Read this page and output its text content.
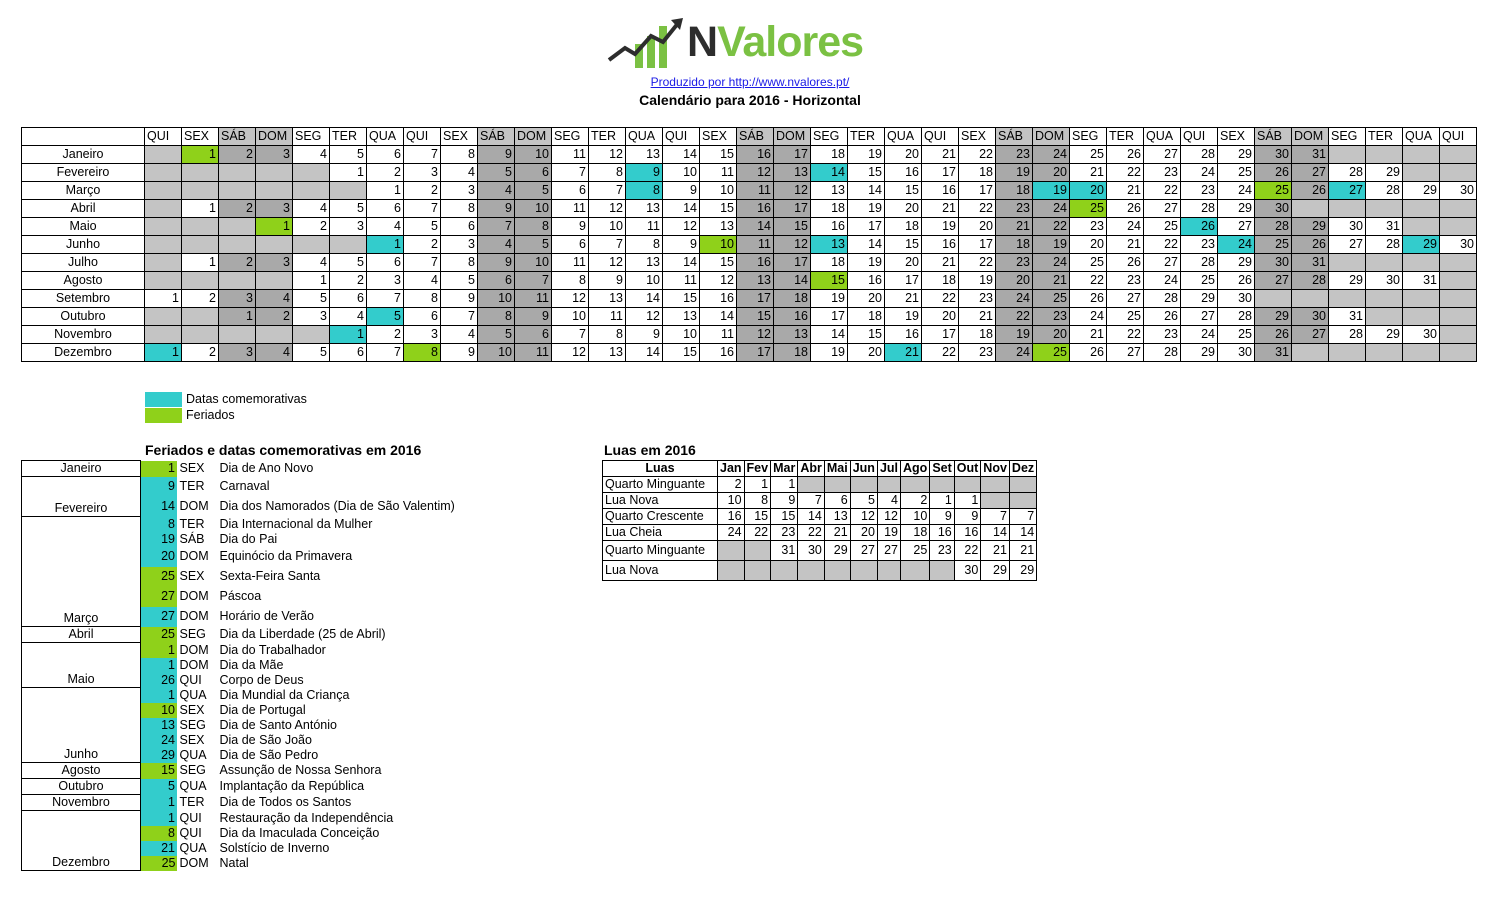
NValores
Produzido por http://www.nvalores.pt/
Calendário para 2016 - Horizontal
	QUI	SEX	SÁB	DOM	SEG	TER	QUA	QUI	SEX	SÁB	DOM	SEG	TER	QUA	QUI	SEX	SÁB	DOM	SEG	TER	QUA	QUI	SEX	SÁB	DOM	SEG	TER	QUA	QUI	SEX	SÁB	DOM	SEG	TER	QUA	QUI
Janeiro		1	2	3	4	5	6	7	8	9	10	11	12	13	14	15	16	17	18	19	20	21	22	23	24	25	26	27	28	29	30	31				
Fevereiro						1	2	3	4	5	6	7	8	9	10	11	12	13	14	15	16	17	18	19	20	21	22	23	24	25	26	27	28	29		
Março							1	2	3	4	5	6	7	8	9	10	11	12	13	14	15	16	17	18	19	20	21	22	23	24	25	26	27	28	29	30
Abril		1	2	3	4	5	6	7	8	9	10	11	12	13	14	15	16	17	18	19	20	21	22	23	24	25	26	27	28	29	30					
Maio				1	2	3	4	5	6	7	8	9	10	11	12	13	14	15	16	17	18	19	20	21	22	23	24	25	26	27	28	29	30	31		
Junho							1	2	3	4	5	6	7	8	9	10	11	12	13	14	15	16	17	18	19	20	21	22	23	24	25	26	27	28	29	30
Julho		1	2	3	4	5	6	7	8	9	10	11	12	13	14	15	16	17	18	19	20	21	22	23	24	25	26	27	28	29	30	31				
Agosto					1	2	3	4	5	6	7	8	9	10	11	12	13	14	15	16	17	18	19	20	21	22	23	24	25	26	27	28	29	30	31	
Setembro	1	2	3	4	5	6	7	8	9	10	11	12	13	14	15	16	17	18	19	20	21	22	23	24	25	26	27	28	29	30						
Outubro			1	2	3	4	5	6	7	8	9	10	11	12	13	14	15	16	17	18	19	20	21	22	23	24	25	26	27	28	29	30	31			
Novembro						1	2	3	4	5	6	7	8	9	10	11	12	13	14	15	16	17	18	19	20	21	22	23	24	25	26	27	28	29	30	
Dezembro	1	2	3	4	5	6	7	8	9	10	11	12	13	14	15	16	17	18	19	20	21	22	23	24	25	26	27	28	29	30	31					
Datas comemorativas
Feriados
Feriados e datas comemorativas em 2016	Luas em 2016
Janeiro	1	SEX	Dia de Ano Novo
Fevereiro	9	TER	Carnaval
	14	DOM	Dia dos Namorados (Dia de São Valentim)
Março	8	TER	Dia Internacional da Mulher
	19	SÁB	Dia do Pai
	20	DOM	Equinócio da Primavera
	25	SEX	Sexta-Feira Santa
	27	DOM	Páscoa
	27	DOM	Horário de Verão
Abril	25	SEG	Dia da Liberdade (25 de Abril)
Maio	1	DOM	Dia do Trabalhador
	1	DOM	Dia da Mãe
	26	QUI	Corpo de Deus
Junho	1	QUA	Dia Mundial da Criança
	10	SEX	Dia de Portugal
	13	SEG	Dia de Santo António
	24	SEX	Dia de São João
	29	QUA	Dia de São Pedro
Agosto	15	SEG	Assunção de Nossa Senhora
Outubro	5	QUA	Implantação da República
Novembro	1	TER	Dia de Todos os Santos
Dezembro	1	QUI	Restauração da Independência
	8	QUI	Dia da Imaculada Conceição
	21	QUA	Solstício de Inverno
	25	DOM	Natal
Luas	Jan	Fev	Mar	Abr	Mai	Jun	Jul	Ago	Set	Out	Nov	Dez
Quarto Minguante	2	1	1									
Lua Nova	10	8	9	7	6	5	4	2	1	1		
Quarto Crescente	16	15	15	14	13	12	12	10	9	9	7	7
Lua Cheia	24	22	23	22	21	20	19	18	16	16	14	14
Quarto Minguante			31	30	29	27	27	25	23	22	21	21
Lua Nova										30	29	29
